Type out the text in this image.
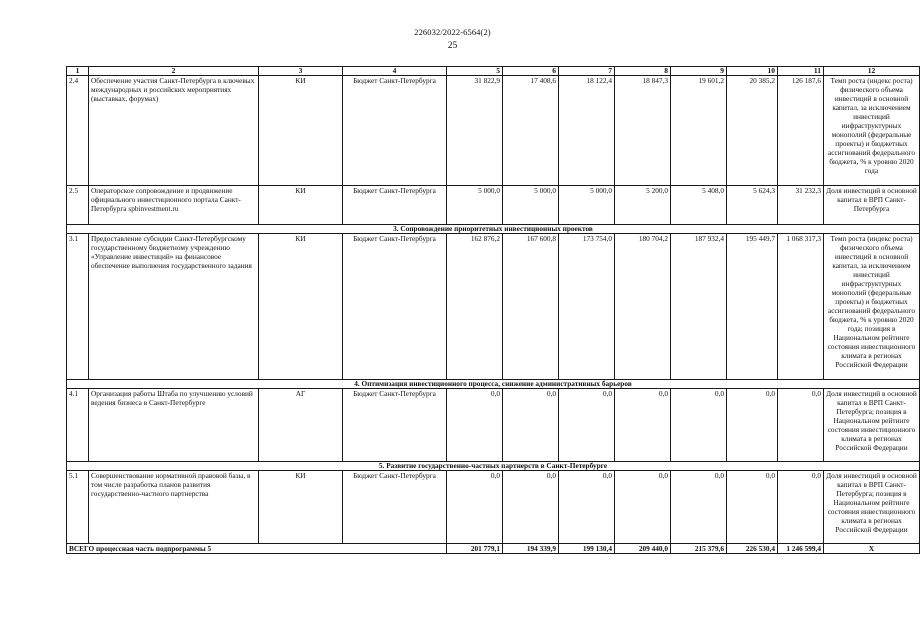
226032/2022-6564(2)
25
1	2	3	4	5	6	7	8	9	10	11	12
2.4	Обеспечение участия Санкт-Петербурга в ключевых международных и российских мероприятиях (выставках, форумах)	КИ	Бюджет Санкт-Петербурга	31 822,9	17 408,6	18 122,4	18 847,3	19 601,2	20 385,2	126 187,6	Темп роста (индекс роста) физического объема инвестиций в основной капитал, за исключением инвестиций инфраструктурных монополий (федеральные проекты) и бюджетных ассигнований федерального бюджета, % к уровню 2020 года
2.5	Операторское сопровождение и продвижение официального инвестиционного портала Санкт-Петербурга spbinvestment.ru	КИ	Бюджет Санкт-Петербурга	5 000,0	5 000,0	5 000,0	5 200,0	5 408,0	5 624,3	31 232,3	Доля инвестиций в основной капитал в ВРП Санкт-Петербурга
3. Сопровождение приоритетных инвестиционных проектов											
3.1	Предоставление субсидии Санкт-Петербургскому государственному бюджетному учреждению «Управление инвестиций» на финансовое обеспечение выполнения государственного задания	КИ	Бюджет Санкт-Петербурга	162 876,2	167 600,8	173 754,0	180 704,2	187 932,4	195 449,7	1 068 317,3	Темп роста (индекс роста) физического объема инвестиций в основной капитал, за исключением инвестиций инфраструктурных монополий (федеральные проекты) и бюджетных ассигнований федерального бюджета, % к уровню 2020 года; позиция в Национальном рейтинге состояния инвестиционного климата в регионах Российской Федерации
4. Оптимизация инвестиционного процесса, снижение административных барьеров											
4.1	Организация работы Штаба по улучшению условий ведения бизнеса в Санкт-Петербурге	АГ	Бюджет Санкт-Петербурга	0,0	0,0	0,0	0,0	0,0	0,0	0,0	Доля инвестиций в основной капитал в ВРП Санкт-Петербурга; позиция в Национальном рейтинге состояния инвестиционного климата в регионах Российской Федерации
5. Развитие государственно-частных партнерств в Санкт-Петербурге											
5.1	Совершенствование нормативной правовой базы, в том числе разработка планов развития государственно-частного партнерства	КИ	Бюджет Санкт-Петербурга	0,0	0,0	0,0	0,0	0,0	0,0	0,0	Доля инвестиций в основной капитал в ВРП Санкт-Петербурга; позиция в Национальном рейтинге состояния инвестиционного климата в регионах Российской Федерации
ВСЕГО процессная часть подпрограммы 5				201 779,1	194 339,9	199 130,4	209 440,0	215 379,6	226 530,4	1 246 599,4	X
